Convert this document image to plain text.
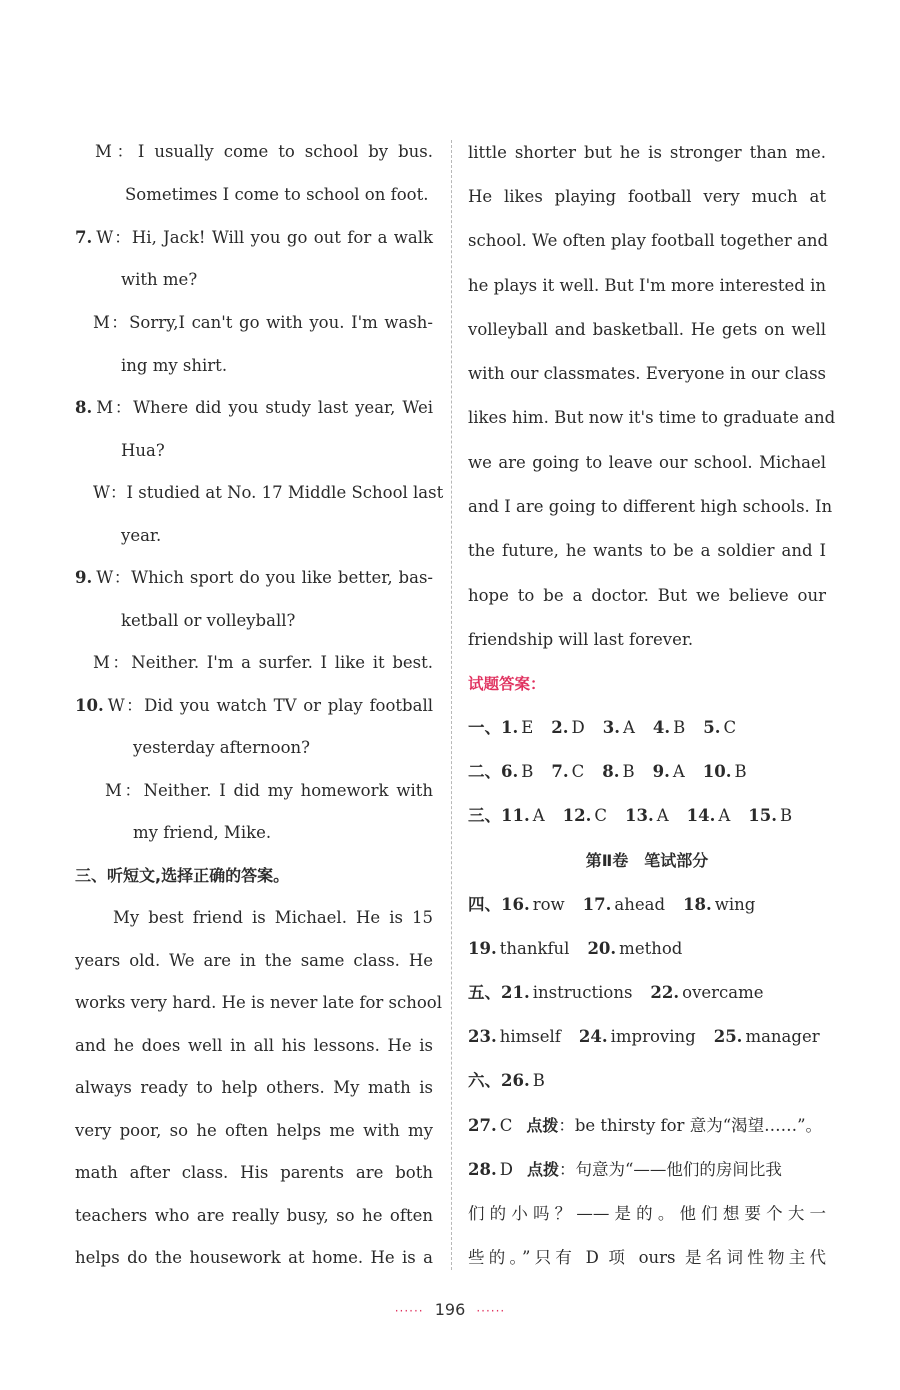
M：I usually come to school by bus.
Sometimes I come to school on foot.
7. W：Hi, Jack! Will you go out for a walk
with me?
M：Sorry,I can't go with you. I'm wash-
ing my shirt.
8. M：Where did you study last year, Wei
Hua?
W：I studied at No. 17 Middle School last
year.
9. W：Which sport do you like better, bas-
ketball or volleyball?
M：Neither. I'm a surfer. I like it best.
10. W：Did you watch TV or play football
yesterday afternoon?
M：Neither. I did my homework with
my friend, Mike.
三、听短文,选择正确的答案。
My best friend is Michael. He is 15
years old. We are in the same class. He
works very hard. He is never late for school
and he does well in all his lessons. He is
always ready to help others. My math is
very poor, so he often helps me with my
math after class. His parents are both
teachers who are really busy, so he often
helps do the housework at home. He is a
little shorter but he is stronger than me.
He likes playing football very much at
school. We often play football together and
he plays it well. But I'm more interested in
volleyball and basketball. He gets on well
with our classmates. Everyone in our class
likes him. But now it's time to graduate and
we are going to leave our school. Michael
and I are going to different high schools. In
the future, he wants to be a soldier and I
hope to be a doctor. But we believe our
friendship will last forever.
试题答案：
一、1. E 2. D 3. A 4. B 5. C
二、6. B 7. C 8. B 9. A 10. B
三、11. A 12. C 13. A 14. A 15. B
第Ⅱ卷　笔试部分
四、16. row 17. ahead 18. wing
19. thankful 20. method
五、21. instructions 22. overcame
23. himself 24. improving 25. manager
六、26. B
27. C 点拨：be thirsty for 意为“渴望……”。
28. D 点拨：句意为“——他们的房间比我
们的小吗？——是的。他们想要个大一
些的。”只有 D 项 ours 是名词性物主代
······ 196 ······
